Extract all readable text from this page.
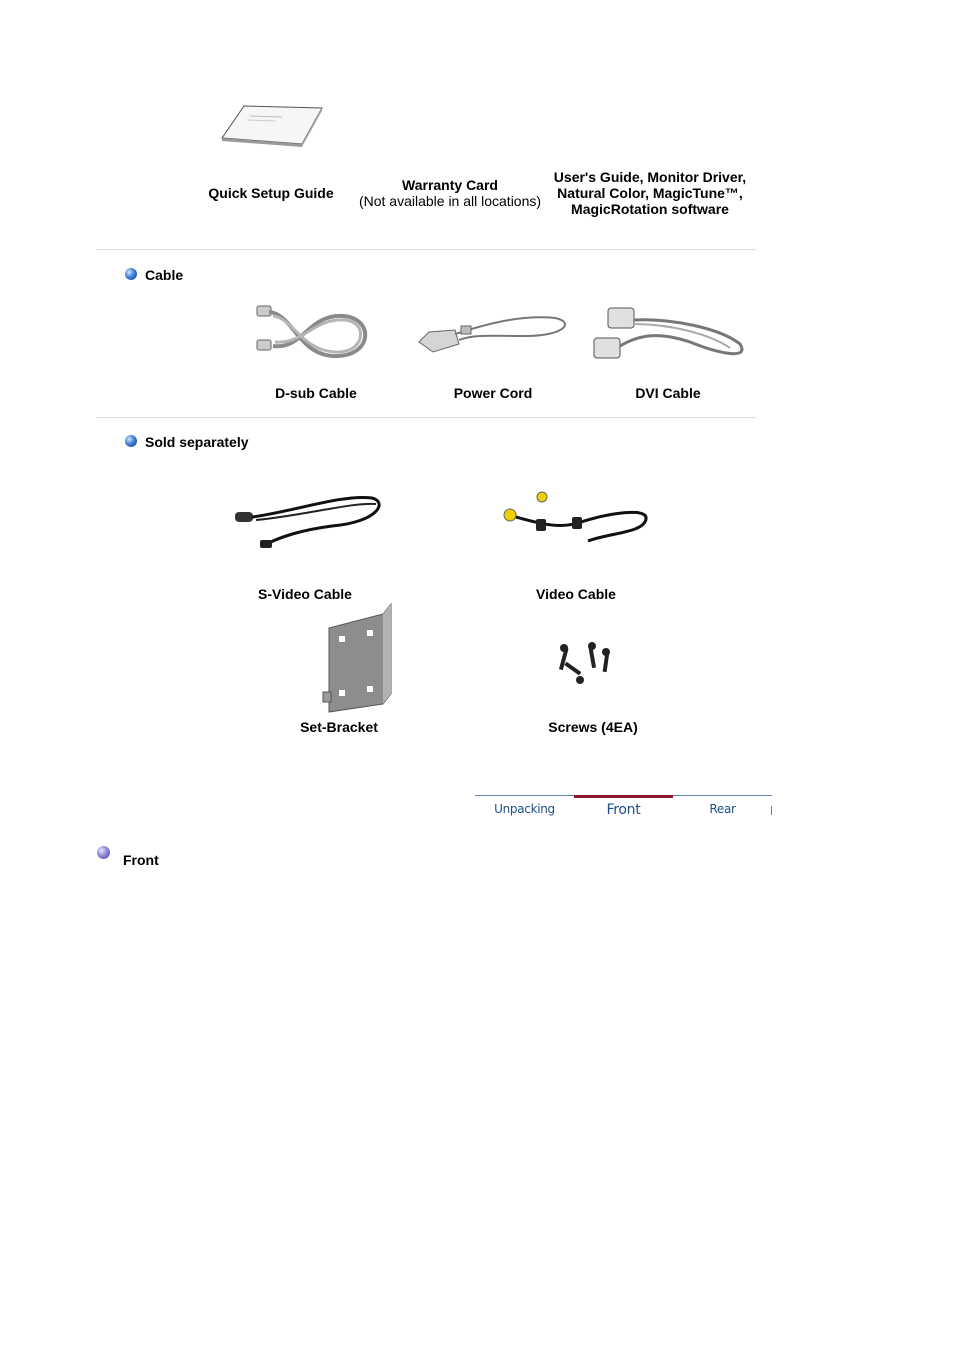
Quick Setup Guide	Warranty Card
(Not available in all locations)
User's Guide, Monitor Driver,
Natural Color, MagicTune™,
MagicRotation software
Cable
D-sub Cable	Power Cord	DVI Cable
Sold separately
S-Video Cable	Video Cable
Set-Bracket	Screws (4EA)
Unpacking	Front	Rear
Front
